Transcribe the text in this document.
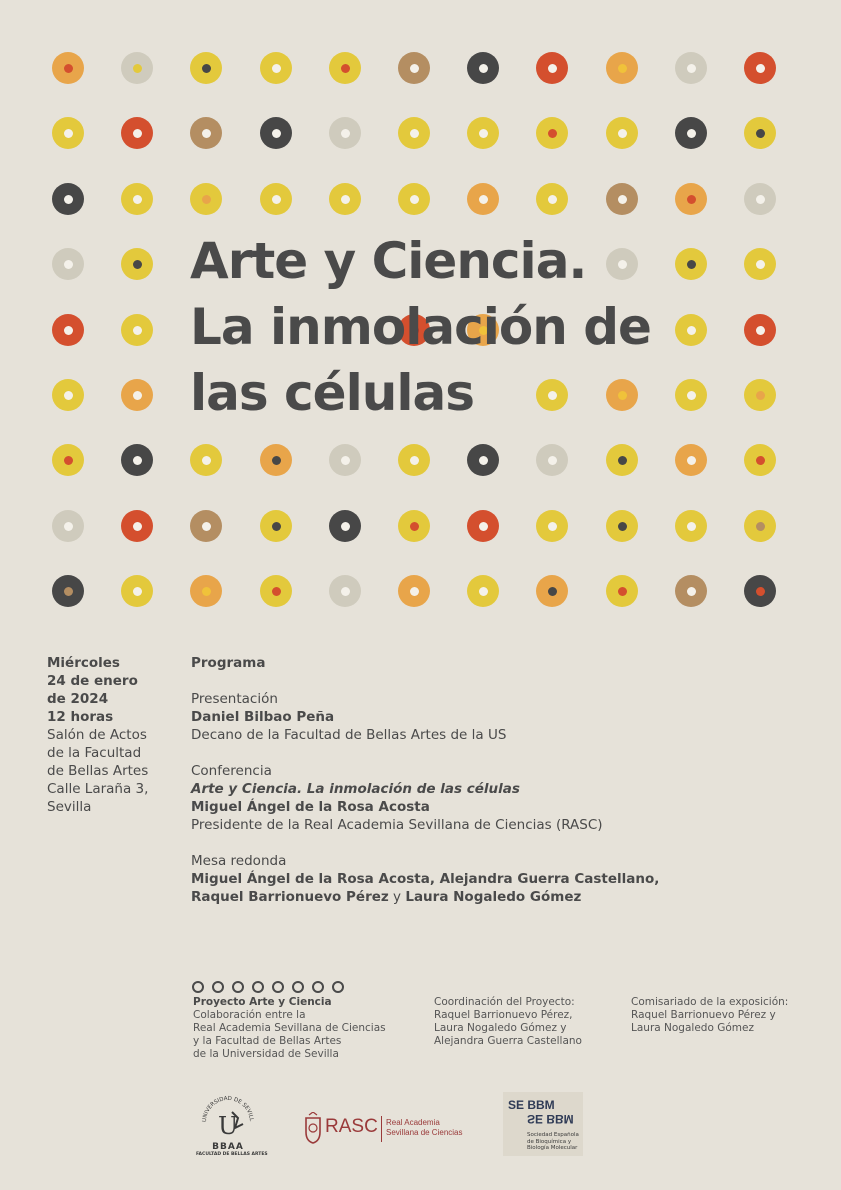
Arte y Ciencia.
La inmolación de
las células
Miércoles
24 de enero
de 2024
12 horas
Salón de Actos
de la Facultad
de Bellas Artes
Calle Laraña 3,
Sevilla
Programa
Presentación
Daniel Bilbao Peña
Decano de la Facultad de Bellas Artes de la US
Conferencia
Arte y Ciencia. La inmolación de las células
Miguel Ángel de la Rosa Acosta
Presidente de la Real Academia Sevillana de Ciencias (RASC)
Mesa redonda
Miguel Ángel de la Rosa Acosta, Alejandra Guerra Castellano,
Raquel Barrionuevo Pérez y Laura Nogaledo Gómez
Proyecto Arte y Ciencia
Colaboración entre la
Real Academia Sevillana de Ciencias
y la Facultad de Bellas Artes
de la Universidad de Sevilla
Coordinación del Proyecto:
Raquel Barrionuevo Pérez,
Laura Nogaledo Gómez y
Alejandra Guerra Castellano
Comisariado de la exposición:
Raquel Barrionuevo Pérez y
Laura Nogaledo Gómez
UNIVERSIDAD DE SEVILL
U
BBAA
FACULTAD DE BELLAS ARTES
RASC Real Academia
Sevillana de Ciencias
SE BBM
SE BBM
Sociedad Española
de Bioquímica y
Biología Molecular
